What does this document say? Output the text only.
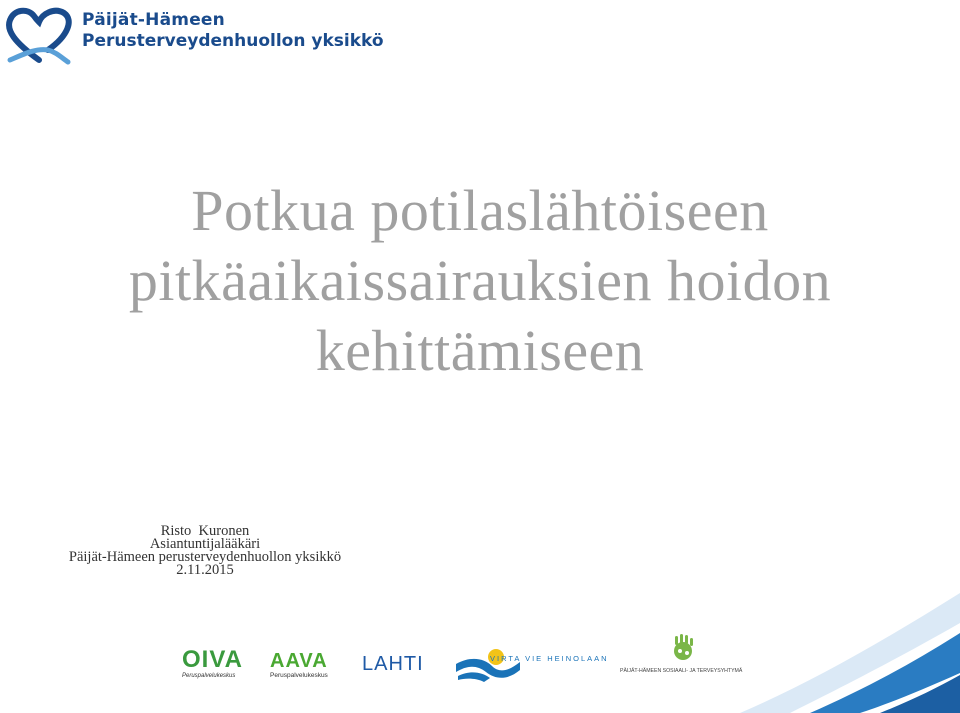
Päijät-Hämeen
Perusterveydenhuollon yksikkö
Potkua potilaslähtöiseen
pitkäaikaissairauksien hoidon
kehittämiseen
Risto  Kuronen
Asiantuntijalääkäri
Päijät-Hämeen perusterveydenhuollon yksikkö
2.11.2015
OIVA
Peruspalvelukeskus
AAVA
Peruspalvelukeskus
LAHTI	VIRTA VIE HEINOLAAN
PÄIJÄT-HÄMEEN SOSIAALI- JA TERVEYSYHTYMÄ
